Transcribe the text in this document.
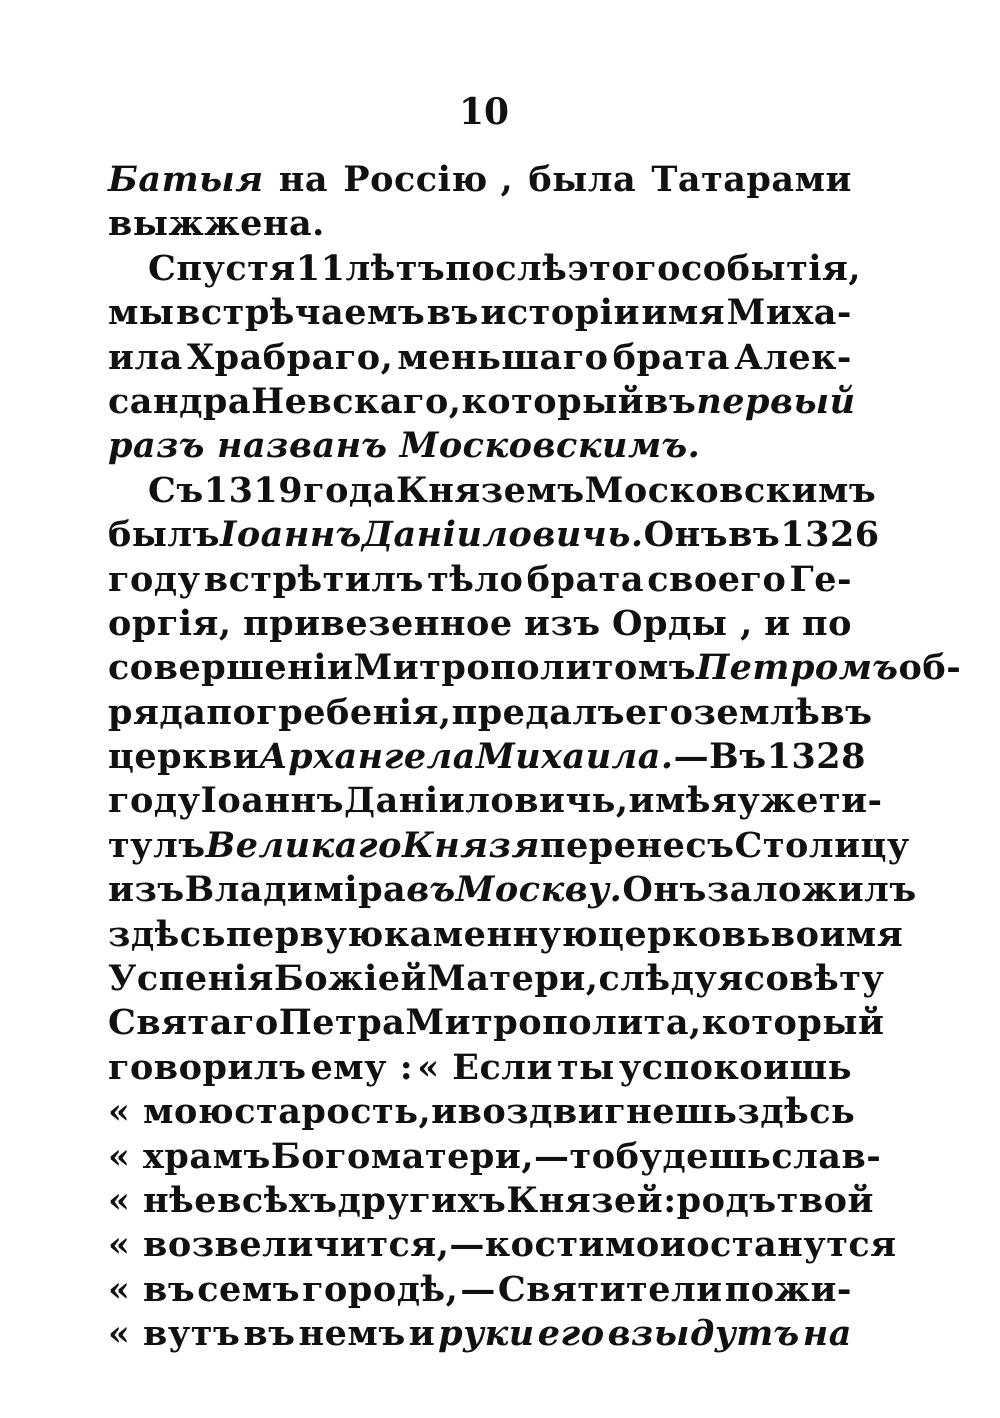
10
Батыя на Россію , была Татарами
выжжена.
Спустя 11 лѣтъ послѣ этого событія,
мы встрѣчаемъ въ исторіи имя Миха-
ила Храбраго, меньшаго брата Алек-
сандра Невскаго, который въ первый
разъ названъ Московскимъ.
Съ 1319 года Княземъ Московскимъ
былъ Іоаннъ Даніиловичь. Онъ въ 1326
году встрѣтилъ тѣло брата своего Ге-
оргія, привезенное изъ Орды , и по
совершеніи Митрополитомъ Петромъ об-
ряда погребенія, предалъ его землѣ въ
церкви Архангела Михаила. — Въ 1328
году Іоаннъ Даніиловичь, имѣя уже ти-
тулъ Великаго Князя перенесъ Столицу
изъ Владиміра въ Москву. Онъ заложилъ
здѣсь первую каменную церковь во имя
Успенія Божіей Матери, слѣдуя совѣту
Святаго Петра Митрополита, который
говорилъ ему : « Если ты успокоишь
« мою старость, и воздвигнешь здѣсь
« храмъ Богоматери,— то будешь слав-
« нѣе всѣхъ другихъ Князей: родъ твой
« возвеличится, — кости мои останутся
« въ семъ городѣ, — Святители пожи-
« вутъ въ немъ и руки его взыдутъ на
